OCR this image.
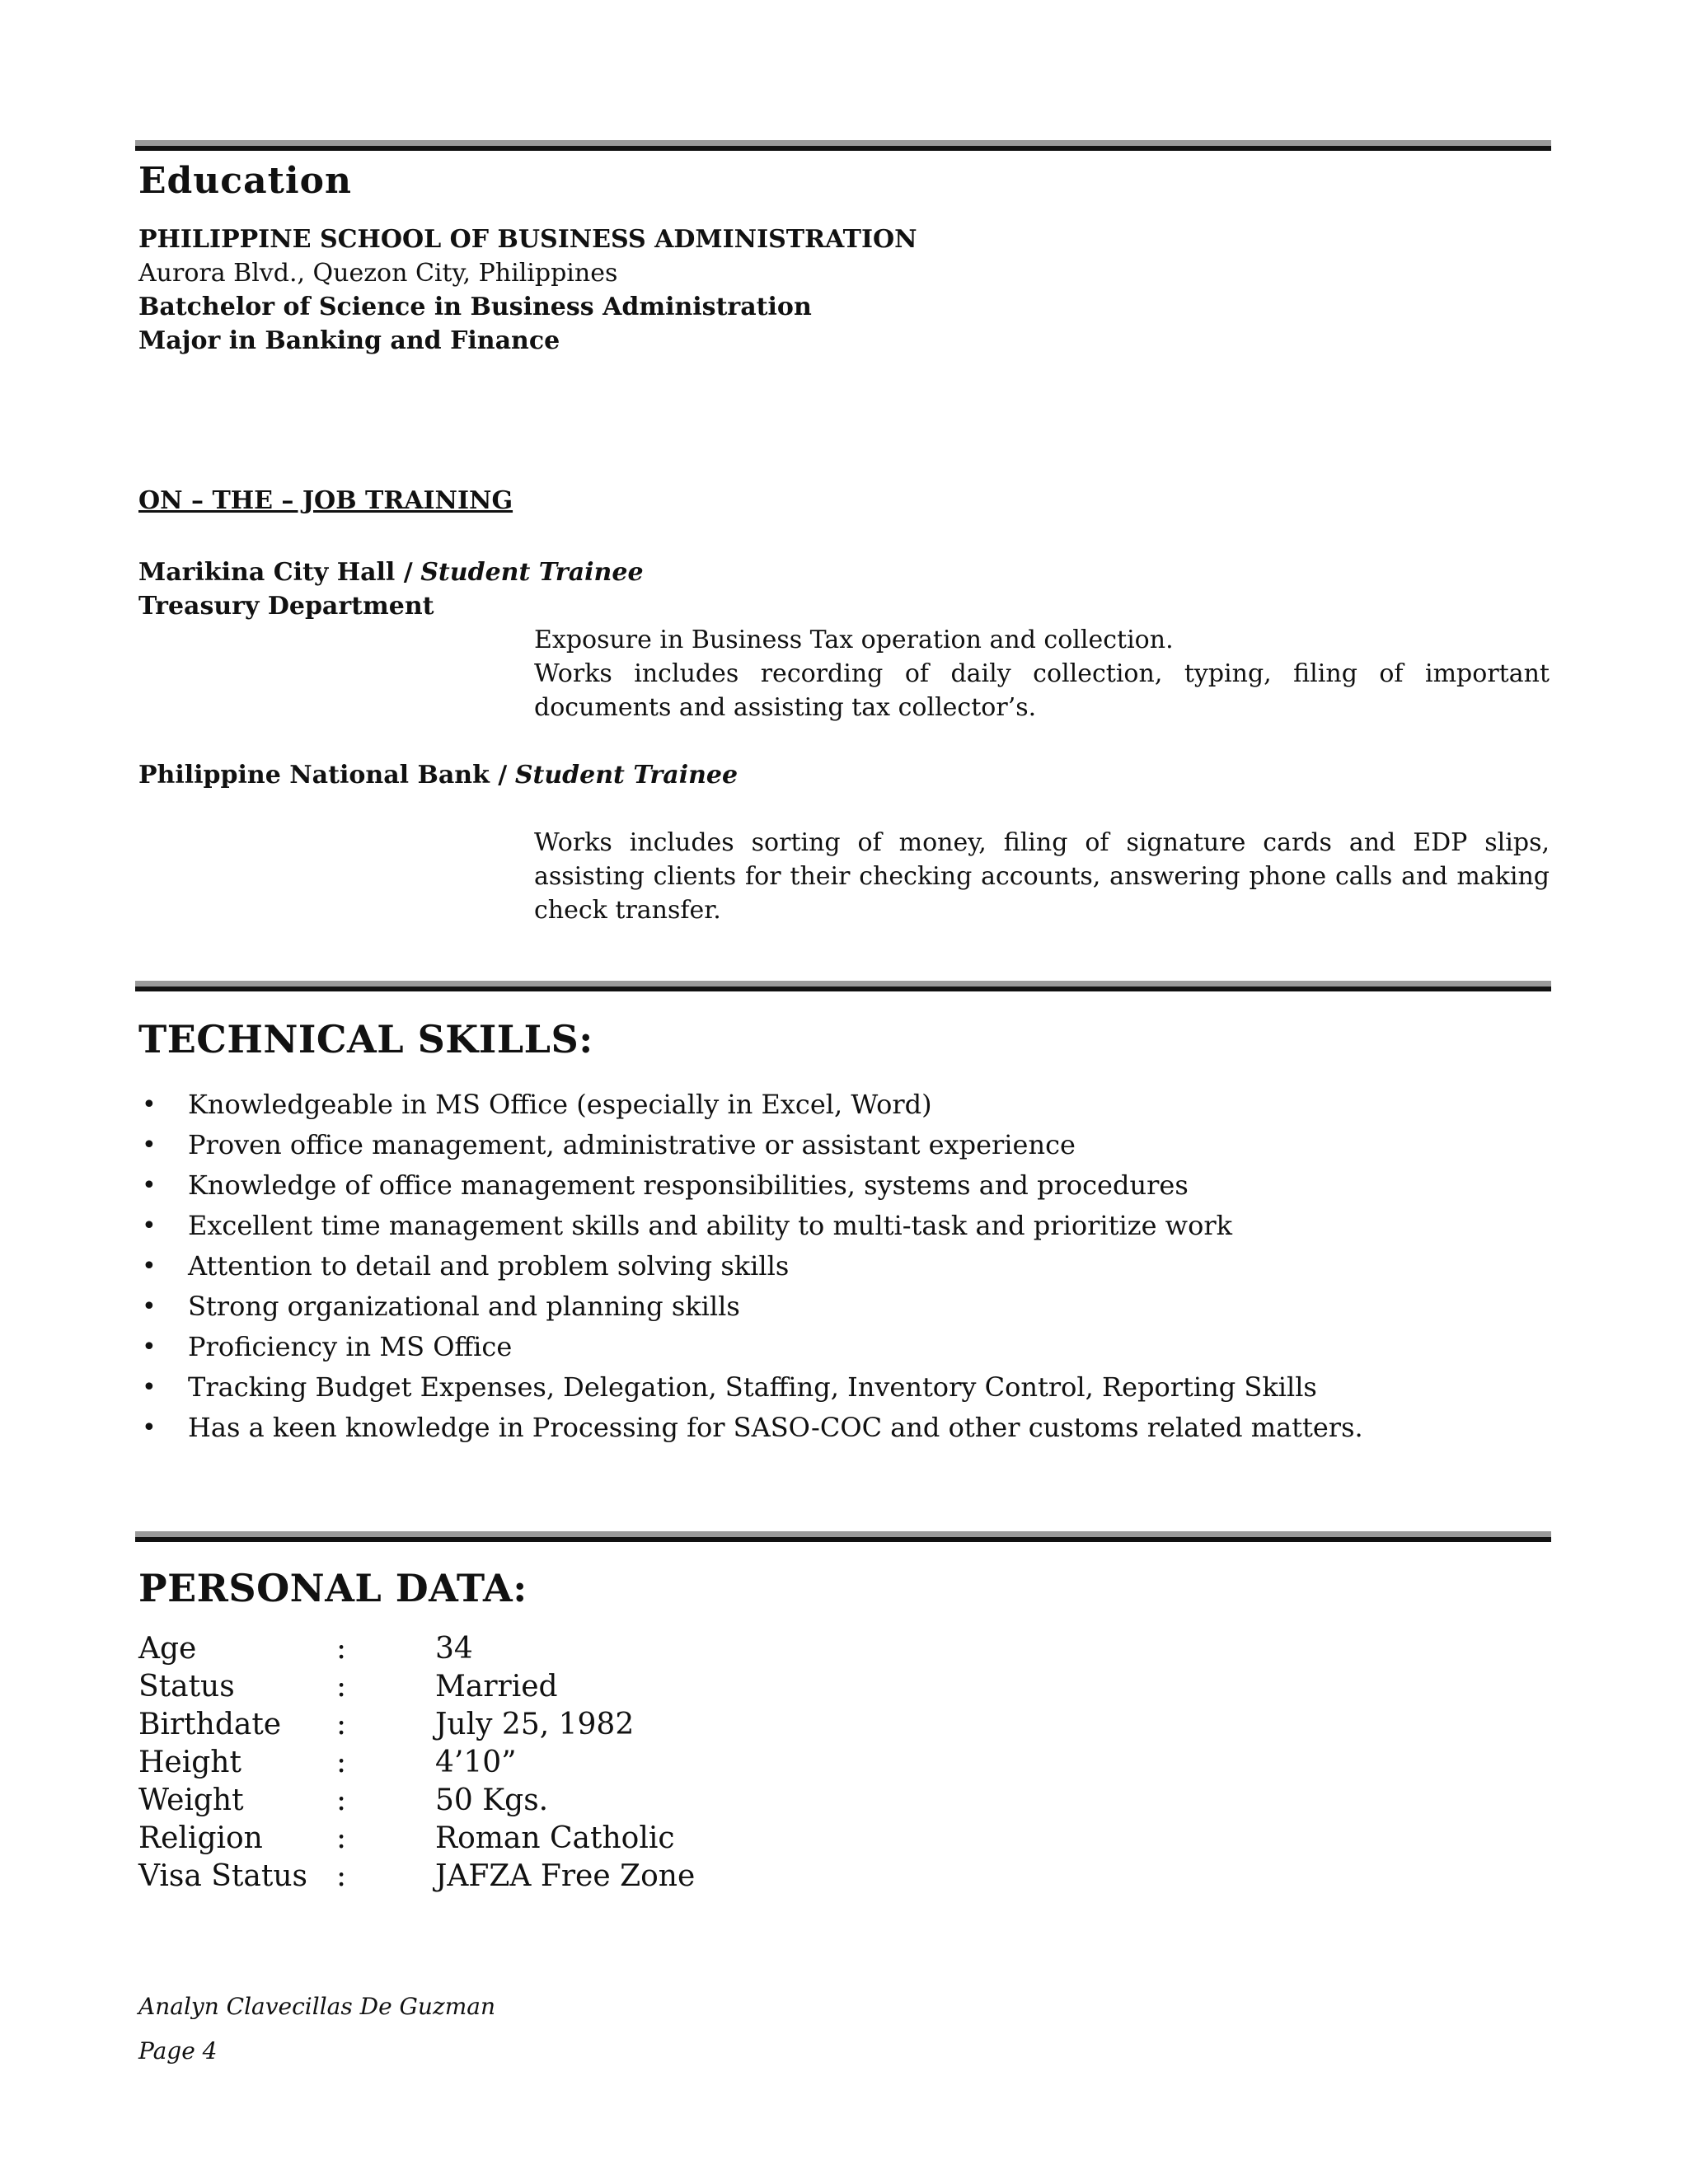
Education
PHILIPPINE SCHOOL OF BUSINESS ADMINISTRATION
Aurora Blvd., Quezon City, Philippines
Batchelor of Science in Business Administration
Major in Banking and Finance
ON – THE – JOB TRAINING
Marikina City Hall / Student Trainee
Treasury Department

Exposure in Business Tax operation and collection.

Works includes recording of daily collection, typing, filing of important documents and assisting tax collector’s.

Philippine National Bank / Student Trainee

Works includes sorting of money, filing of signature cards and EDP slips, assisting clients for their checking accounts, answering phone calls and making check transfer.

TECHNICAL SKILLS:
• Knowledgeable in MS Office (especially in Excel, Word)
• Proven office management, administrative or assistant experience
• Knowledge of office management responsibilities, systems and procedures
• Excellent time management skills and ability to multi-task and prioritize work
• Attention to detail and problem solving skills
• Strong organizational and planning skills
• Proficiency in MS Office
• Tracking Budget Expenses, Delegation, Staffing, Inventory Control, Reporting Skills
• Has a keen knowledge in Processing for SASO-COC and other customs related matters.
PERSONAL DATA:
Age	:	34
Status	:	Married
Birthdate :	July 25, 1982
Height	:	4’10”
Weight	:	50 Kgs.
Religion :	Roman Catholic
Visa Status :	JAFZA Free Zone
Analyn Clavecillas De Guzman
Page 4
